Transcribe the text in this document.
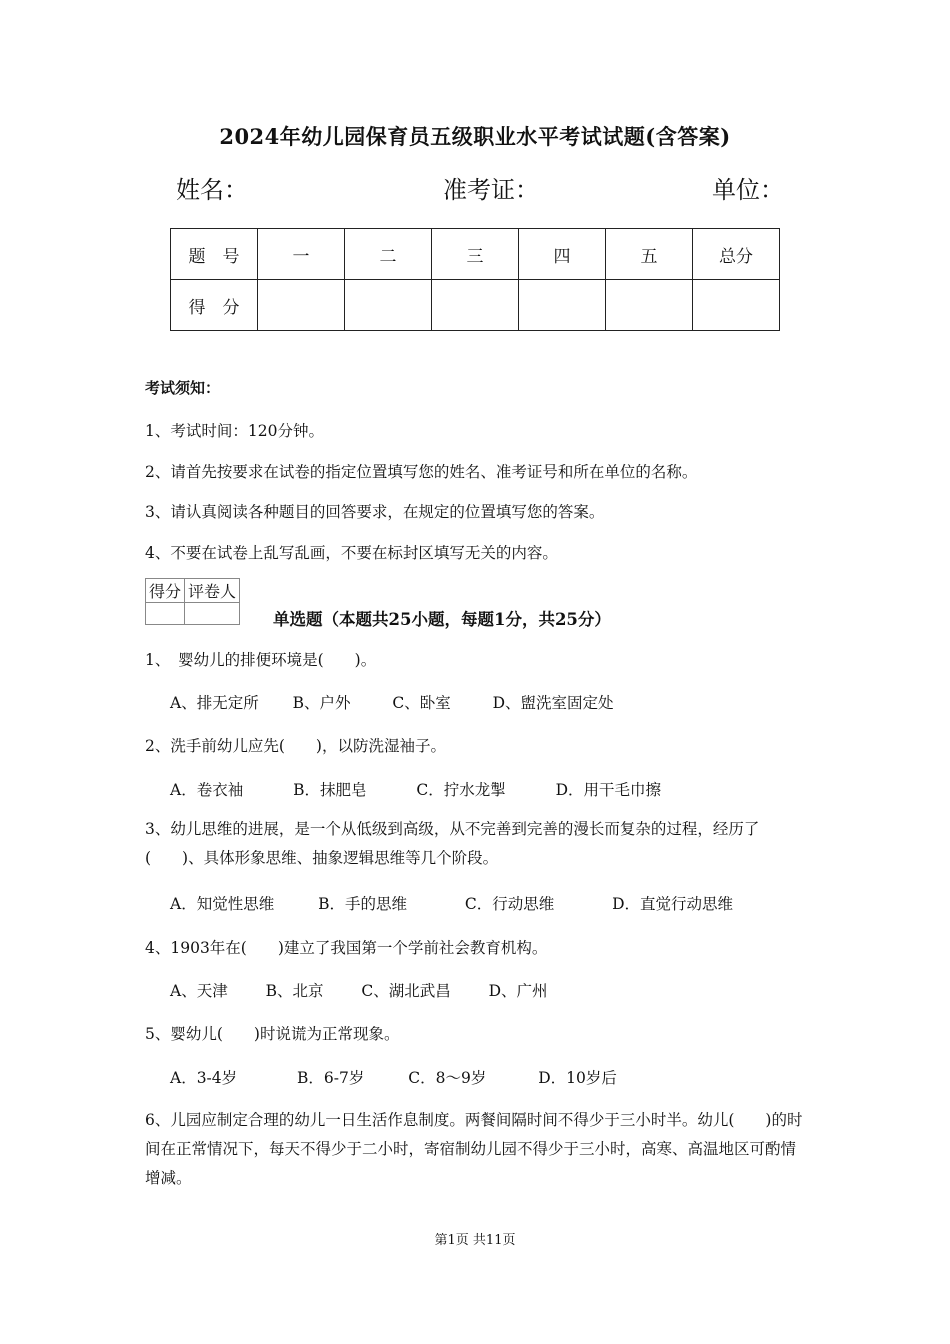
2024年幼儿园保育员五级职业水平考试试题(含答案)
姓名：	准考证：	单位：
题　号	一	二	三	四	五	总分
得　分						
考试须知：
1、考试时间：120分钟。
2、请首先按要求在试卷的指定位置填写您的姓名、准考证号和所在单位的名称。
3、请认真阅读各种题目的回答要求，在规定的位置填写您的答案。
4、不要在试卷上乱写乱画，不要在标封区填写无关的内容。
得分	评卷人

单选题（本题共25小题，每题1分，共25分）
1、　婴幼儿的排便环境是(　　)。
A、排无定所 B、户外	C、卧室	D、盥洗室固定处
2、洗手前幼儿应先(　　)，以防洗湿袖子。
A．卷衣袖	B．抹肥皂	C．拧水龙掣	D．用干毛巾擦
3、幼儿思维的进展，是一个从低级到高级，从不完善到完善的漫长而复杂的过程，经历了(　　)、具体形象思维、抽象逻辑思维等几个阶段。
A．知觉性思维	B．手的思维	C．行动思维	D．直觉行动思维
4、1903年在(　　)建立了我国第一个学前社会教育机构。
A、天津 B、北京 C、湖北武昌 D、广州
5、婴幼儿(　　)时说谎为正常现象。
A．3-4岁	B．6-7岁	C．8～9岁	D．10岁后
6、儿园应制定合理的幼儿一日生活作息制度。两餐间隔时间不得少于三小时半。幼儿(　　)的时间在正常情况下，每天不得少于二小时，寄宿制幼儿园不得少于三小时，高寒、高温地区可酌情增减。
第1页 共11页
